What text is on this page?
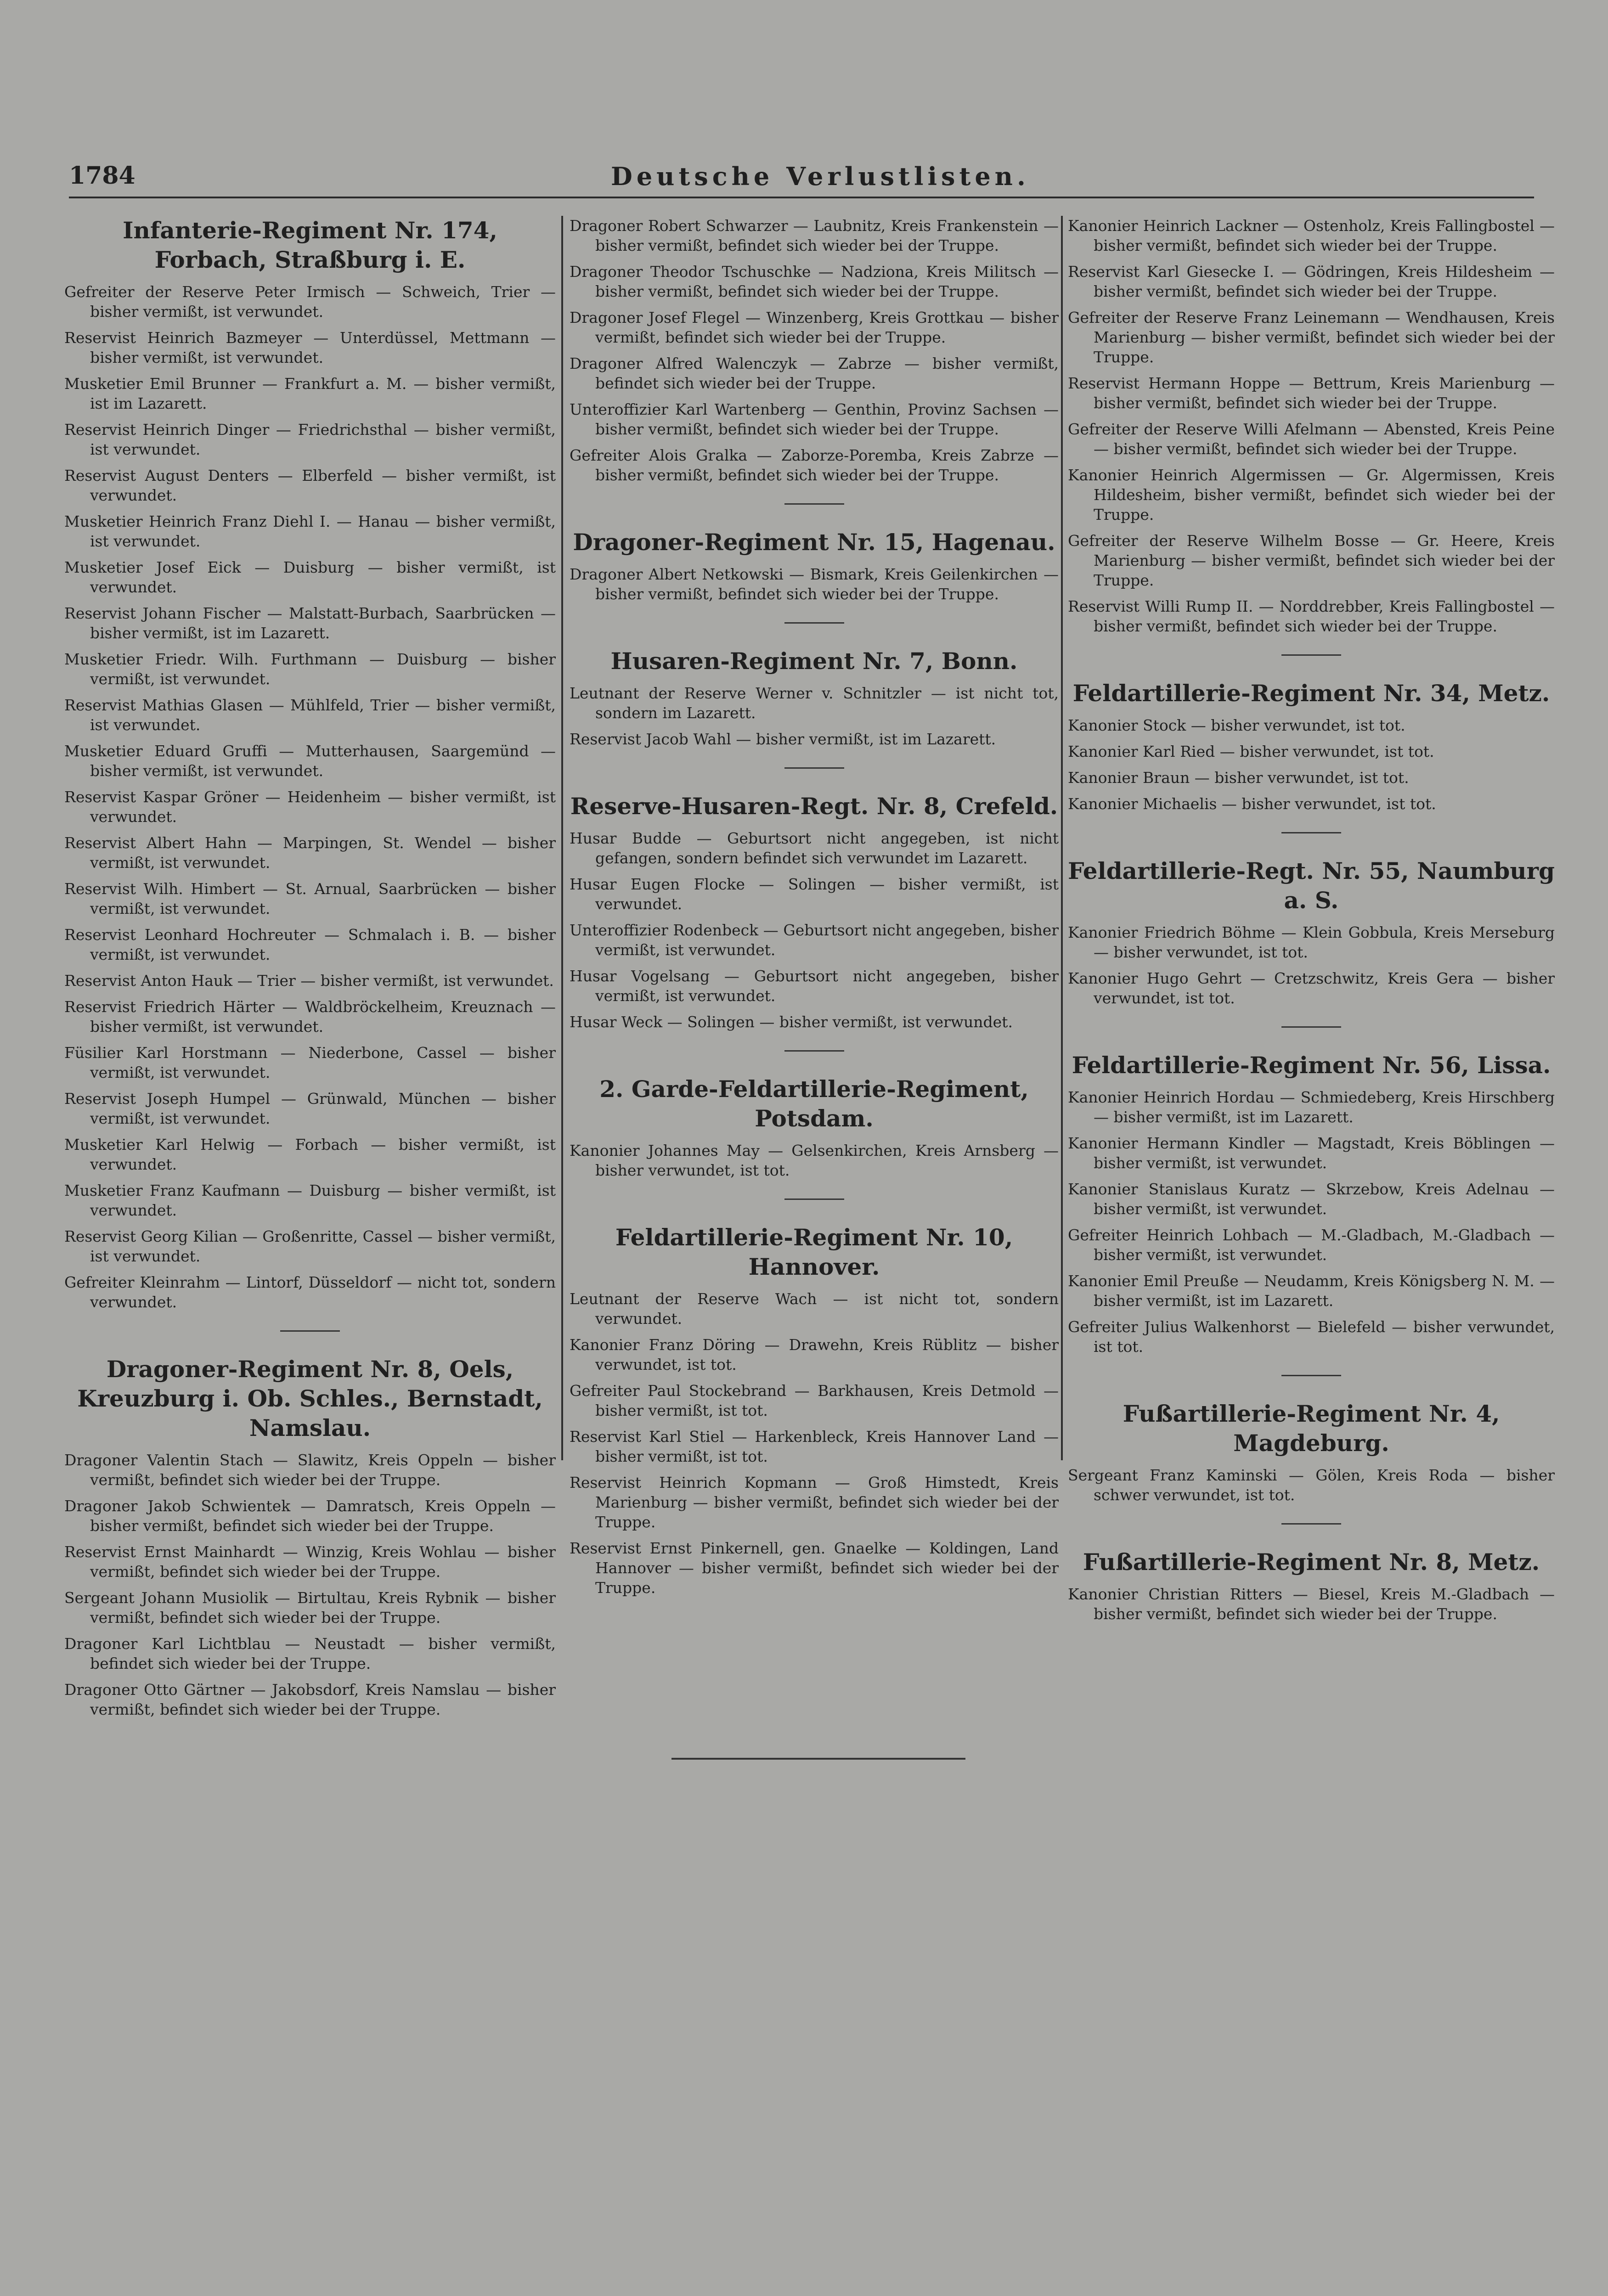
1784	Deutsche Verlustlisten.
Infanterie-Regiment Nr. 174, Forbach, Straßburg i. E.
Gefreiter der Reserve Peter Irmisch — Schweich, Trier — bisher vermißt, ist verwundet.
Reservist Heinrich Bazmeyer — Unterdüssel, Mettmann — bisher vermißt, ist verwundet.
Musketier Emil Brunner — Frankfurt a. M. — bisher vermißt, ist im Lazarett.
Reservist Heinrich Dinger — Friedrichsthal — bisher vermißt, ist verwundet.
Reservist August Denters — Elberfeld — bisher vermißt, ist verwundet.
Musketier Heinrich Franz Diehl I. — Hanau — bisher vermißt, ist verwundet.
Musketier Josef Eick — Duisburg — bisher vermißt, ist verwundet.
Reservist Johann Fischer — Malstatt-Burbach, Saarbrücken — bisher vermißt, ist im Lazarett.
Musketier Friedr. Wilh. Furthmann — Duisburg — bisher vermißt, ist verwundet.
Reservist Mathias Glasen — Mühlfeld, Trier — bisher vermißt, ist verwundet.
Musketier Eduard Gruffi — Mutterhausen, Saargemünd — bisher vermißt, ist verwundet.
Reservist Kaspar Gröner — Heidenheim — bisher vermißt, ist verwundet.
Reservist Albert Hahn — Marpingen, St. Wendel — bisher vermißt, ist verwundet.
Reservist Wilh. Himbert — St. Arnual, Saarbrücken — bisher vermißt, ist verwundet.
Reservist Leonhard Hochreuter — Schmalach i. B. — bisher vermißt, ist verwundet.
Reservist Anton Hauk — Trier — bisher vermißt, ist verwundet.
Reservist Friedrich Härter — Waldbröckelheim, Kreuznach — bisher vermißt, ist verwundet.
Füsilier Karl Horstmann — Niederbone, Cassel — bisher vermißt, ist verwundet.
Reservist Joseph Humpel — Grünwald, München — bisher vermißt, ist verwundet.
Musketier Karl Helwig — Forbach — bisher vermißt, ist verwundet.
Musketier Franz Kaufmann — Duisburg — bisher vermißt, ist verwundet.
Reservist Georg Kilian — Großenritte, Cassel — bisher vermißt, ist verwundet.
Gefreiter Kleinrahm — Lintorf, Düsseldorf — nicht tot, sondern verwundet.
Dragoner-Regiment Nr. 8, Oels, Kreuzburg i. Ob. Schles., Bernstadt, Namslau.
Dragoner Valentin Stach — Slawitz, Kreis Oppeln — bisher vermißt, befindet sich wieder bei der Truppe.
Dragoner Jakob Schwientek — Damratsch, Kreis Oppeln — bisher vermißt, befindet sich wieder bei der Truppe.
Reservist Ernst Mainhardt — Winzig, Kreis Wohlau — bisher vermißt, befindet sich wieder bei der Truppe.
Sergeant Johann Musiolik — Birtultau, Kreis Rybnik — bisher vermißt, befindet sich wieder bei der Truppe.
Dragoner Karl Lichtblau — Neustadt — bisher vermißt, befindet sich wieder bei der Truppe.
Dragoner Otto Gärtner — Jakobsdorf, Kreis Namslau — bisher vermißt, befindet sich wieder bei der Truppe.
Dragoner Robert Schwarzer — Laubnitz, Kreis Frankenstein — bisher vermißt, befindet sich wieder bei der Truppe.
Dragoner Theodor Tschuschke — Nadziona, Kreis Militsch — bisher vermißt, befindet sich wieder bei der Truppe.
Dragoner Josef Flegel — Winzenberg, Kreis Grottkau — bisher vermißt, befindet sich wieder bei der Truppe.
Dragoner Alfred Walenczyk — Zabrze — bisher vermißt, befindet sich wieder bei der Truppe.
Unteroffizier Karl Wartenberg — Genthin, Provinz Sachsen — bisher vermißt, befindet sich wieder bei der Truppe.
Gefreiter Alois Gralka — Zaborze-Poremba, Kreis Zabrze — bisher vermißt, befindet sich wieder bei der Truppe.
Dragoner-Regiment Nr. 15, Hagenau.
Dragoner Albert Netkowski — Bismark, Kreis Geilenkirchen — bisher vermißt, befindet sich wieder bei der Truppe.
Husaren-Regiment Nr. 7, Bonn.
Leutnant der Reserve Werner v. Schnitzler — ist nicht tot, sondern im Lazarett.
Reservist Jacob Wahl — bisher vermißt, ist im Lazarett.
Reserve-Husaren-Regt. Nr. 8, Crefeld.
Husar Budde — Geburtsort nicht angegeben, ist nicht gefangen, sondern befindet sich verwundet im Lazarett.
Husar Eugen Flocke — Solingen — bisher vermißt, ist verwundet.
Unteroffizier Rodenbeck — Geburtsort nicht angegeben, bisher vermißt, ist verwundet.
Husar Vogelsang — Geburtsort nicht angegeben, bisher vermißt, ist verwundet.
Husar Weck — Solingen — bisher vermißt, ist verwundet.
2. Garde-Feldartillerie-Regiment, Potsdam.
Kanonier Johannes May — Gelsenkirchen, Kreis Arnsberg — bisher verwundet, ist tot.
Feldartillerie-Regiment Nr. 10, Hannover.
Leutnant der Reserve Wach — ist nicht tot, sondern verwundet.
Kanonier Franz Döring — Drawehn, Kreis Rüblitz — bisher verwundet, ist tot.
Gefreiter Paul Stockebrand — Barkhausen, Kreis Detmold — bisher vermißt, ist tot.
Reservist Karl Stiel — Harkenbleck, Kreis Hannover Land — bisher vermißt, ist tot.
Reservist Heinrich Kopmann — Groß Himstedt, Kreis Marienburg — bisher vermißt, befindet sich wieder bei der Truppe.
Reservist Ernst Pinkernell, gen. Gnaelke — Koldingen, Land Hannover — bisher vermißt, befindet sich wieder bei der Truppe.
Kanonier Heinrich Lackner — Ostenholz, Kreis Fallingbostel — bisher vermißt, befindet sich wieder bei der Truppe.
Reservist Karl Giesecke I. — Gödringen, Kreis Hildesheim — bisher vermißt, befindet sich wieder bei der Truppe.
Gefreiter der Reserve Franz Leinemann — Wendhausen, Kreis Marienburg — bisher vermißt, befindet sich wieder bei der Truppe.
Reservist Hermann Hoppe — Bettrum, Kreis Marienburg — bisher vermißt, befindet sich wieder bei der Truppe.
Gefreiter der Reserve Willi Afelmann — Abensted, Kreis Peine — bisher vermißt, befindet sich wieder bei der Truppe.
Kanonier Heinrich Algermissen — Gr. Algermissen, Kreis Hildesheim, bisher vermißt, befindet sich wieder bei der Truppe.
Gefreiter der Reserve Wilhelm Bosse — Gr. Heere, Kreis Marienburg — bisher vermißt, befindet sich wieder bei der Truppe.
Reservist Willi Rump II. — Norddrebber, Kreis Fallingbostel — bisher vermißt, befindet sich wieder bei der Truppe.
Feldartillerie-Regiment Nr. 34, Metz.
Kanonier Stock — bisher verwundet, ist tot.
Kanonier Karl Ried — bisher verwundet, ist tot.
Kanonier Braun — bisher verwundet, ist tot.
Kanonier Michaelis — bisher verwundet, ist tot.
Feldartillerie-Regt. Nr. 55, Naumburg a. S.
Kanonier Friedrich Böhme — Klein Gobbula, Kreis Merseburg — bisher verwundet, ist tot.
Kanonier Hugo Gehrt — Cretzschwitz, Kreis Gera — bisher verwundet, ist tot.
Feldartillerie-Regiment Nr. 56, Lissa.
Kanonier Heinrich Hordau — Schmiedeberg, Kreis Hirschberg — bisher vermißt, ist im Lazarett.
Kanonier Hermann Kindler — Magstadt, Kreis Böblingen — bisher vermißt, ist verwundet.
Kanonier Stanislaus Kuratz — Skrzebow, Kreis Adelnau — bisher vermißt, ist verwundet.
Gefreiter Heinrich Lohbach — M.-Gladbach, M.-Gladbach — bisher vermißt, ist verwundet.
Kanonier Emil Preuße — Neudamm, Kreis Königsberg N. M. — bisher vermißt, ist im Lazarett.
Gefreiter Julius Walkenhorst — Bielefeld — bisher verwundet, ist tot.
Fußartillerie-Regiment Nr. 4, Magdeburg.
Sergeant Franz Kaminski — Gölen, Kreis Roda — bisher schwer verwundet, ist tot.
Fußartillerie-Regiment Nr. 8, Metz.
Kanonier Christian Ritters — Biesel, Kreis M.-Gladbach — bisher vermißt, befindet sich wieder bei der Truppe.
